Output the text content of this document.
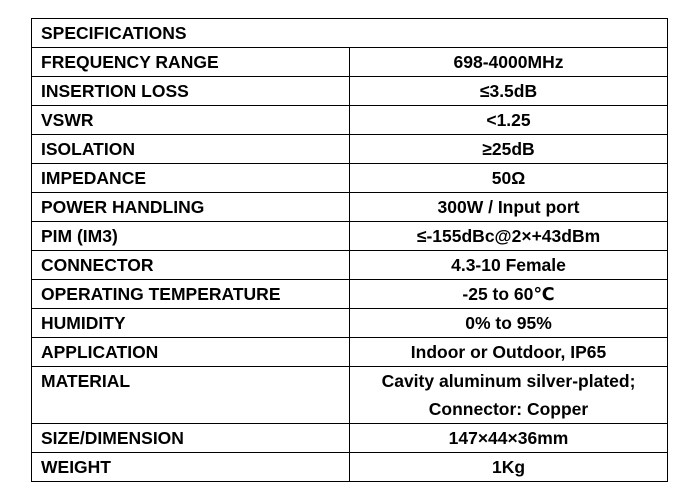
SPECIFICATIONS	
FREQUENCY RANGE	698-4000MHz
INSERTION LOSS	≤3.5dB
VSWR	<1.25
ISOLATION	≥25dB
IMPEDANCE	50Ω
POWER HANDLING	300W / Input port
PIM (IM3)	≤-155dBc@2×+43dBm
CONNECTOR	4.3-10 Female
OPERATING TEMPERATURE	-25 to 60℃
HUMIDITY	0% to 95%
APPLICATION	Indoor or Outdoor, IP65
MATERIAL	Cavity aluminum silver-plated;
Connector: Copper

SIZE/DIMENSION	147×44×36mm
WEIGHT	1Kg
